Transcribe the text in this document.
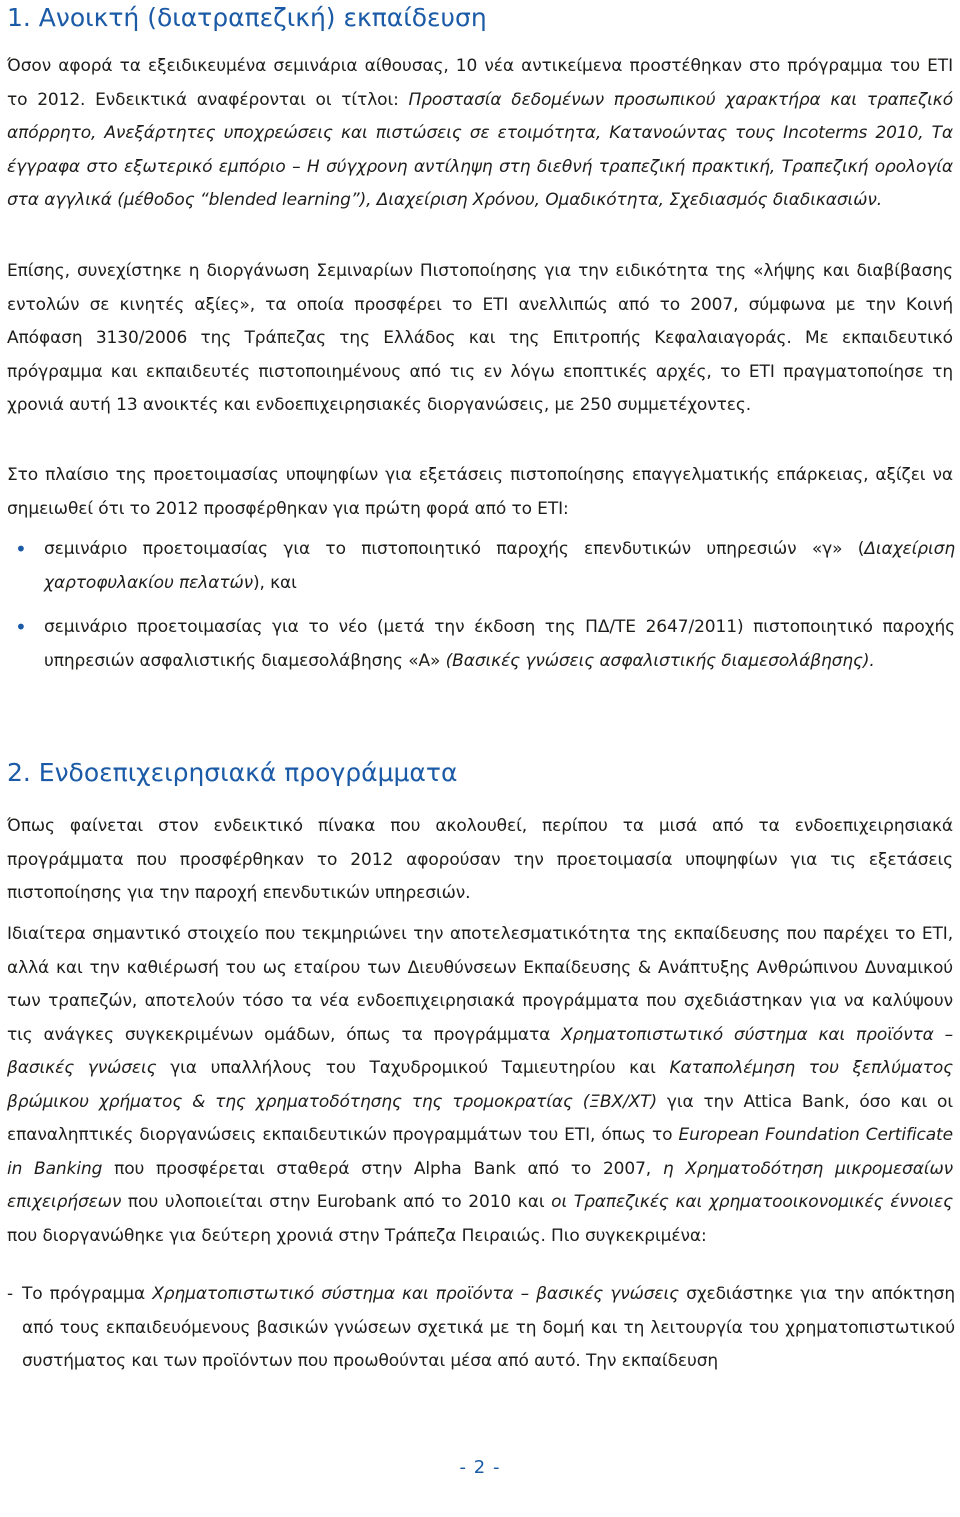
1. Ανοικτή (διατραπεζική) εκπαίδευση

Όσον αφορά τα εξειδικευμένα σεμινάρια αίθουσας, 10 νέα αντικείμενα προστέθηκαν στο πρόγραμμα του ΕΤΙ το 2012. Ενδεικτικά αναφέρονται οι τίτλοι: Προστασία δεδομένων προσωπικού χαρακτήρα και τραπεζικό απόρρητο, Ανεξάρτητες υποχρεώσεις και πιστώσεις σε ετοιμότητα, Κατανοώντας τους Incoterms 2010, Τα έγγραφα στο εξωτερικό εμπόριο – Η σύγχρονη αντίληψη στη διεθνή τραπεζική πρακτική, Τραπεζική ορολογία στα αγγλικά (μέθοδος “blended learning”), Διαχείριση Χρόνου, Ομαδικότητα, Σχεδιασμός διαδικασιών.

Επίσης, συνεχίστηκε η διοργάνωση Σεμιναρίων Πιστοποίησης για την ειδικότητα της «λήψης και διαβίβασης εντολών σε κινητές αξίες», τα οποία προσφέρει το ΕΤΙ ανελλιπώς από το 2007, σύμφωνα με την Κοινή Απόφαση 3130/2006 της Τράπεζας της Ελλάδος και της Επιτροπής Κεφαλαιαγοράς. Με εκπαιδευτικό πρόγραμμα και εκπαιδευτές πιστοποιημένους από τις εν λόγω εποπτικές αρχές, το ΕΤΙ πραγματοποίησε τη χρονιά αυτή 13 ανοικτές και ενδοεπιχειρησιακές διοργανώσεις, με 250 συμμετέχοντες.

Στο πλαίσιο της προετοιμασίας υποψηφίων για εξετάσεις πιστοποίησης επαγγελματικής επάρκειας, αξίζει να σημειωθεί ότι το 2012 προσφέρθηκαν για πρώτη φορά από το ΕΤΙ:

• σεμινάριο προετοιμασίας για το πιστοποιητικό παροχής επενδυτικών υπηρεσιών «γ» (Διαχείριση χαρτοφυλακίου πελατών), και
• σεμινάριο προετοιμασίας για το νέο (μετά την έκδοση της ΠΔ/ΤΕ 2647/2011) πιστοποιητικό παροχής υπηρεσιών ασφαλιστικής διαμεσολάβησης «Α» (Βασικές γνώσεις ασφαλιστικής διαμεσολάβησης).
2. Ενδοεπιχειρησιακά προγράμματα

Όπως φαίνεται στον ενδεικτικό πίνακα που ακολουθεί, περίπου τα μισά από τα ενδοεπιχειρησιακά προγράμματα που προσφέρθηκαν το 2012 αφορούσαν την προετοιμασία υποψηφίων για τις εξετάσεις πιστοποίησης για την παροχή επενδυτικών υπηρεσιών.

Ιδιαίτερα σημαντικό στοιχείο που τεκμηριώνει την αποτελεσματικότητα της εκπαίδευσης που παρέχει το ΕΤΙ, αλλά και την καθιέρωσή του ως εταίρου των Διευθύνσεων Εκπαίδευσης & Ανάπτυξης Ανθρώπινου Δυναμικού των τραπεζών, αποτελούν τόσο τα νέα ενδοεπιχειρησιακά προγράμματα που σχεδιάστηκαν για να καλύψουν τις ανάγκες συγκεκριμένων ομάδων, όπως τα προγράμματα Χρηματοπιστωτικό σύστημα και προϊόντα – βασικές γνώσεις για υπαλλήλους του Ταχυδρομικού Ταμιευτηρίου και Καταπολέμηση του ξεπλύματος βρώμικου χρήματος & της χρηματοδότησης της τρομοκρατίας (ΞΒΧ/ΧΤ) για την Attica Bank, όσο και οι επαναληπτικές διοργανώσεις εκπαιδευτικών προγραμμάτων του ΕΤΙ, όπως το European Foundation Certificate in Banking που προσφέρεται σταθερά στην Alpha Bank από το 2007, η Χρηματοδότηση μικρομεσαίων επιχειρήσεων που υλοποιείται στην Eurobank από το 2010 και οι Τραπεζικές και χρηματοοικονομικές έννοιες που διοργανώθηκε για δεύτερη χρονιά στην Τράπεζα Πειραιώς. Πιο συγκεκριμένα:

- Το πρόγραμμα Χρηματοπιστωτικό σύστημα και προϊόντα – βασικές γνώσεις σχεδιάστηκε για την απόκτηση από τους εκπαιδευόμενους βασικών γνώσεων σχετικά με τη δομή και τη λειτουργία του χρηματοπιστωτικού συστήματος και των προϊόντων που προωθούνται μέσα από αυτό. Την εκπαίδευση
- 2 -
